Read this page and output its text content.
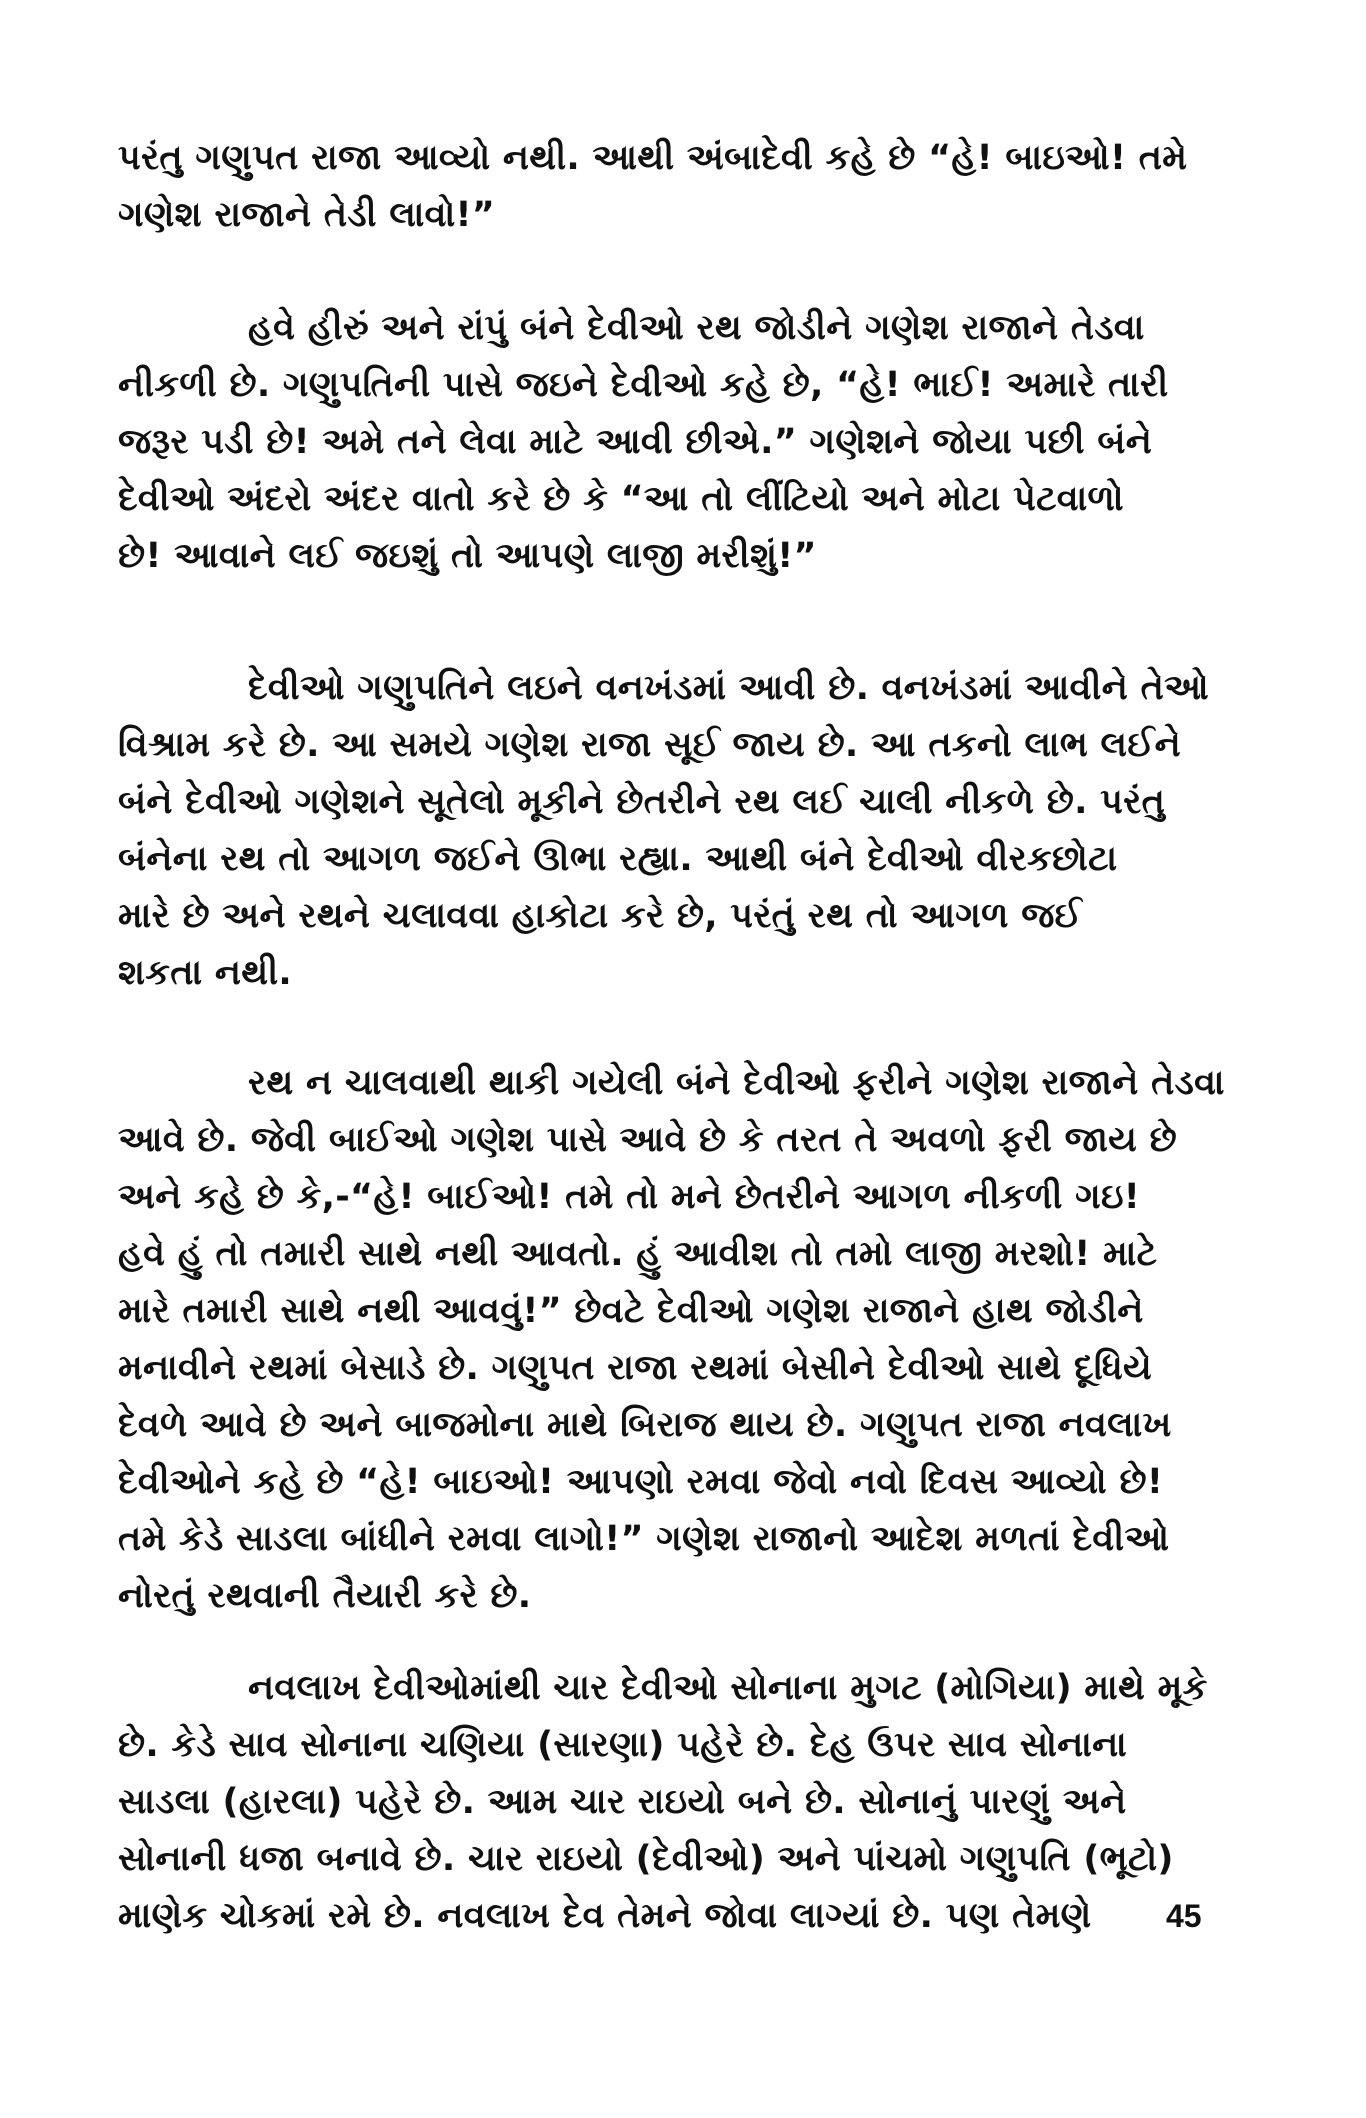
પરંતુ ગણુપત રાજા આવ્યો નથી. આથી અંબાદેવી કહે છે “હે! બાઇઓ! તમે
ગણેશ રાજાને તેડી લાવો!”
હવે હીરું અને રાંપું બંને દેવીઓ રથ જોડીને ગણેશ રાજાને તેડવા
નીકળી છે. ગણુપતિની પાસે જઇને દેવીઓ કહે છે, “હે! ભાઈ! અમારે તારી
જરૂર પડી છે! અમે તને લેવા માટે આવી છીએ.” ગણેશને જોયા પછી બંને
દેવીઓ અંદરો અંદર વાતો કરે છે કે “આ તો લીંટિયો અને મોટા પેટવાળો
છે! આવાને લઈ જઇશું તો આપણે લાજી મરીશું!”
દેવીઓ ગણુપતિને લઇને વનખંડમાં આવી છે. વનખંડમાં આવીને તેઓ
વિશ્રામ કરે છે. આ સમયે ગણેશ રાજા સૂઈ જાય છે. આ તકનો લાભ લઈને
બંને દેવીઓ ગણેશને સૂતેલો મૂકીને છેતરીને રથ લઈ ચાલી નીકળે છે. પરંતુ
બંનેના રથ તો આગળ જઈને ઊભા રહ્યા. આથી બંને દેવીઓ વીરકછોટા
મારે છે અને રથને ચલાવવા હાકોટા કરે છે, પરંતું રથ તો આગળ જઈ
શકતા નથી.
રથ ન ચાલવાથી થાકી ગયેલી બંને દેવીઓ ફરીને ગણેશ રાજાને તેડવા
આવે છે. જેવી બાઈઓ ગણેશ પાસે આવે છે કે તરત તે અવળો ફરી જાય છે
અને કહે છે કે,-“હે! બાઈઓ! તમે તો મને છેતરીને આગળ નીકળી ગઇ!
હવે હું તો તમારી સાથે નથી આવતો. હું આવીશ તો તમો લાજી મરશો! માટે
મારે તમારી સાથે નથી આવવું!” છેવટે દેવીઓ ગણેશ રાજાને હાથ જોડીને
મનાવીને રથમાં બેસાડે છે. ગણુપત રાજા રથમાં બેસીને દેવીઓ સાથે દૂધિયે
દેવળે આવે છે અને બાજમોના માથે બિરાજ થાય છે. ગણુપત રાજા નવલાખ
દેવીઓને કહે છે “હે! બાઇઓ! આપણો રમવા જેવો નવો દિવસ આવ્યો છે!
તમે કેડે સાડલા બાંધીને રમવા લાગો!” ગણેશ રાજાનો આદેશ મળતાં દેવીઓ
નોરતું રથવાની તૈયારી કરે છે.
નવલાખ દેવીઓમાંથી ચાર દેવીઓ સોનાના મુગટ (મોગિયા) માથે મૂકે
છે. કેડે સાવ સોનાના ચણિયા (સારણા) પહેરે છે. દેહ ઉપર સાવ સોનાના
સાડલા (હારલા) પહેરે છે. આમ ચાર રાઇયો બને છે. સોનાનું પારણું અને
સોનાની ધજા બનાવે છે. ચાર રાઇયો (દેવીઓ) અને પાંચમો ગણુપતિ (ભૂટો)
માણેક ચોકમાં રમે છે. નવલાખ દેવ તેમને જોવા લાગ્યાં છે. પણ તેમણે	45
